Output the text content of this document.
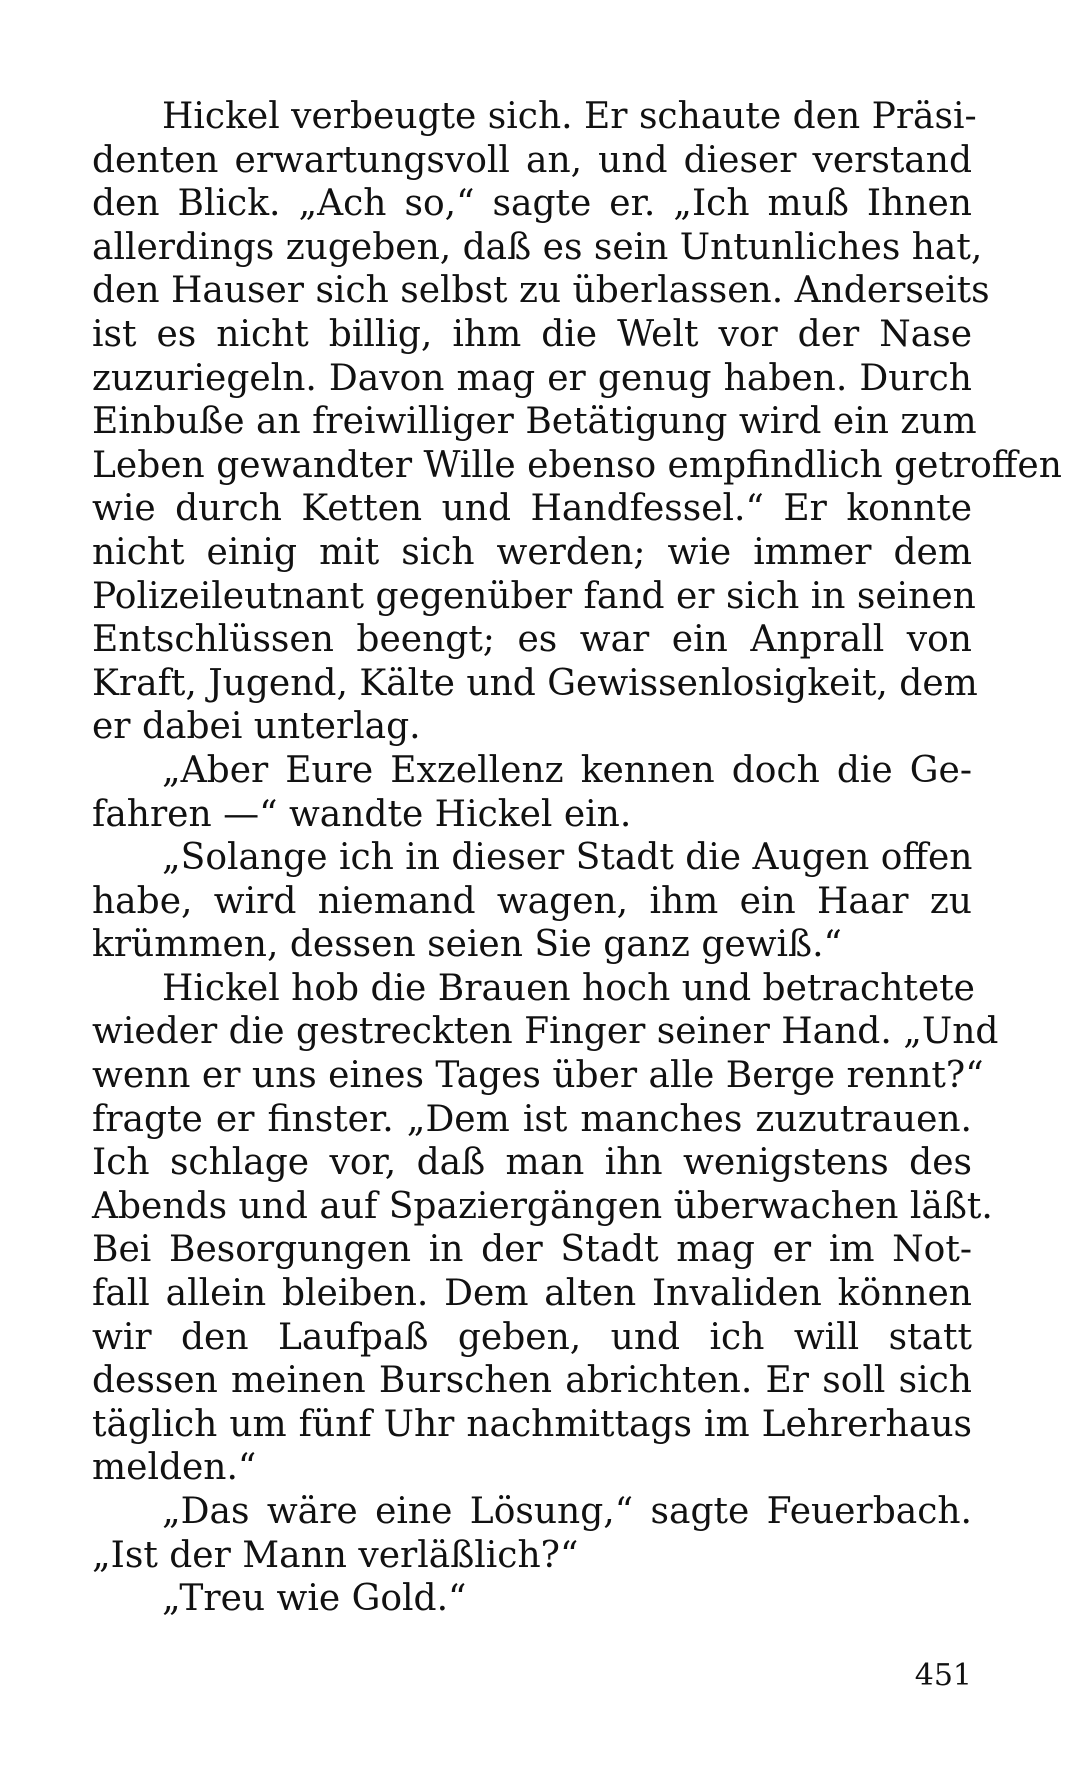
Hickel verbeugte sich. Er schaute den Präsi-
denten erwartungsvoll an, und dieser verstand
den Blick. „Ach so,“ sagte er. „Ich muß Ihnen
allerdings zugeben, daß es sein Untunliches hat,
den Hauser sich selbst zu überlassen. Anderseits
ist es nicht billig, ihm die Welt vor der Nase
zuzuriegeln. Davon mag er genug haben. Durch
Einbuße an freiwilliger Betätigung wird ein zum
Leben gewandter Wille ebenso empfindlich getroffen
wie durch Ketten und Handfessel.“ Er konnte
nicht einig mit sich werden; wie immer dem
Polizeileutnant gegenüber fand er sich in seinen
Entschlüssen beengt; es war ein Anprall von
Kraft, Jugend, Kälte und Gewissenlosigkeit, dem
er dabei unterlag.
„Aber Eure Exzellenz kennen doch die Ge-
fahren —“ wandte Hickel ein.
„Solange ich in dieser Stadt die Augen offen
habe, wird niemand wagen, ihm ein Haar zu
krümmen, dessen seien Sie ganz gewiß.“
Hickel hob die Brauen hoch und betrachtete
wieder die gestreckten Finger seiner Hand. „Und
wenn er uns eines Tages über alle Berge rennt?“
fragte er finster. „Dem ist manches zuzutrauen.
Ich schlage vor, daß man ihn wenigstens des
Abends und auf Spaziergängen überwachen läßt.
Bei Besorgungen in der Stadt mag er im Not-
fall allein bleiben. Dem alten Invaliden können
wir den Laufpaß geben, und ich will statt
dessen meinen Burschen abrichten. Er soll sich
täglich um fünf Uhr nachmittags im Lehrerhaus
melden.“
„Das wäre eine Lösung,“ sagte Feuerbach.
„Ist der Mann verläßlich?“
„Treu wie Gold.“
451
